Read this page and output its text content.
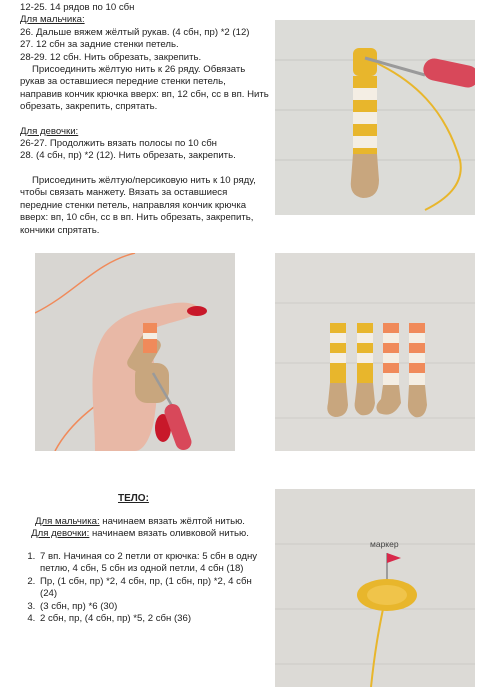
12-25. 14 рядов по 10 сбн

Для мальчика:

26. Дальше вяжем жёлтый рукав. (4 сбн, пр) *2 (12)

27. 12 сбн за задние стенки петель.

28-29. 12 сбн. Нить обрезать, закрепить.

Присоединить жёлтую нить к 26 ряду. Обвязать рукав за оставшиеся передние стенки петель, направив кончик крючка вверх: вп, 12 сбн, сс в вп. Нить обрезать, закрепить, спрятать.

Для девочки:

26-27. Продолжить вязать полосы по 10 сбн

28. (4 сбн, пр) *2 (12). Нить обрезать, закрепить.

Присоединить жёлтую/персиковую нить к 10 ряду, чтобы связать манжету. Вязать за оставшиеся передние стенки петель, направляя кончик крючка вверх: вп, 10 сбн, сс в вп. Нить обрезать, закрепить, кончики спрятать.

ТЕЛО:

Для мальчика: начинаем вязать жёлтой нитью.

Для девочки: начинаем вязать оливковой нитью.

1. 7 вп. Начиная со 2 петли от крючка: 5 сбн в одну петлю, 4 сбн, 5 сбн из одной петли, 4 сбн (18)
2. Пр, (1 сбн, пр) *2, 4 сбн, пр, (1 сбн, пр) *2, 4 сбн (24)
3. (3 сбн, пр) *6 (30)
4. 2 сбн, пр, (4 сбн, пр) *5, 2 сбн (36)
маркер
